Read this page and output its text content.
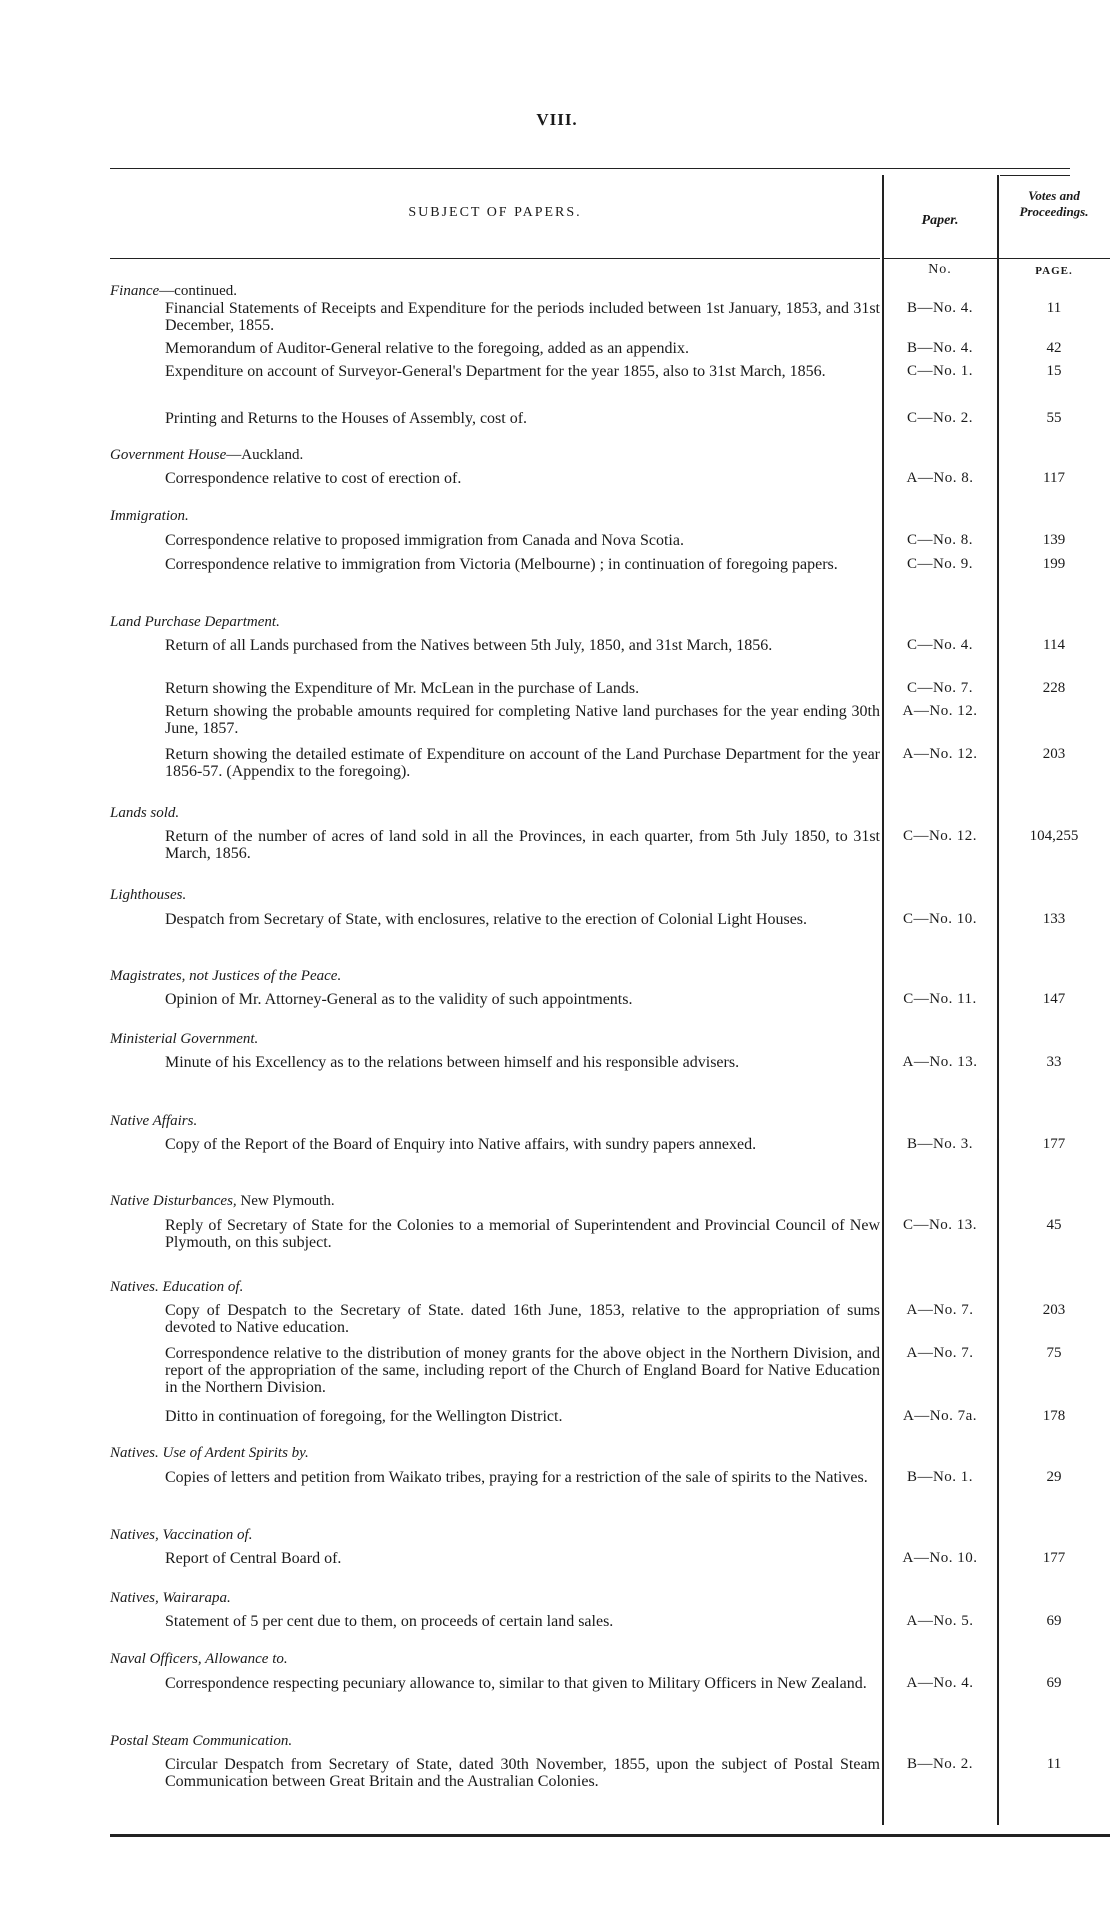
VIII.
SUBJECT OF PAPERS.
Paper.
Votes and Proceedings.
No.	PAGE.
Finance—continued.
Financial Statements of Receipts and Expenditure for the periods included between 1st January, 1853, and 31st December, 1855.
B—No. 4.	11
Memorandum of Auditor-General relative to the foregoing, added as an appendix.	B—No. 4.	42
Expenditure on account of Surveyor-General's Department for the year 1855, also to 31st March, 1856.	C—No. 1.	15
Printing and Returns to the Houses of Assembly, cost of.	C—No. 2.	55
Government House—Auckland.
Correspondence relative to cost of erection of.	A—No. 8.	117
Immigration.
Correspondence relative to proposed immigration from Canada and Nova Scotia.	C—No. 8.	139
Correspondence relative to immigration from Victoria (Melbourne) ; in continuation of foregoing papers.	C—No. 9.	199
Land Purchase Department.
Return of all Lands purchased from the Natives between 5th July, 1850, and 31st March, 1856.	C—No. 4.	114
Return showing the Expenditure of Mr. McLean in the purchase of Lands.	C—No. 7.	228
Return showing the probable amounts required for completing Native land purchases for the year ending 30th June, 1857.
A—No. 12.
Return showing the detailed estimate of Expenditure on account of the Land Purchase Department for the year 1856-57. (Appendix to the foregoing).
A—No. 12.	203
Lands sold.
Return of the number of acres of land sold in all the Provinces, in each quarter, from 5th July 1850, to 31st March, 1856.
C—No. 12.	104,255
Lighthouses.
Despatch from Secretary of State, with enclosures, relative to the erection of Colonial Light Houses.	C—No. 10.	133
Magistrates, not Justices of the Peace.
Opinion of Mr. Attorney-General as to the validity of such appointments.	C—No. 11.	147
Ministerial Government.
Minute of his Excellency as to the relations between himself and his responsible advisers.	A—No. 13.	33
Native Affairs.
Copy of the Report of the Board of Enquiry into Native affairs, with sundry papers annexed.	B—No. 3.	177
Native Disturbances, New Plymouth.
Reply of Secretary of State for the Colonies to a memorial of Superintendent and Provincial Council of New Plymouth, on this subject.
C—No. 13.	45
Natives. Education of.
Copy of Despatch to the Secretary of State. dated 16th June, 1853, relative to the appropriation of sums devoted to Native education.
A—No. 7.	203
Correspondence relative to the distribution of money grants for the above object in the Northern Division, and report of the appropriation of the same, including report of the Church of England Board for Native Education in the Northern Division.
A—No. 7.	75
Ditto in continuation of foregoing, for the Wellington District.	A—No. 7a.	178
Natives. Use of Ardent Spirits by.
Copies of letters and petition from Waikato tribes, praying for a restriction of the sale of spirits to the Natives.	B—No. 1.	29
Natives, Vaccination of.
Report of Central Board of.	A—No. 10.	177
Natives, Wairarapa.
Statement of 5 per cent due to them, on proceeds of certain land sales.	A—No. 5.	69
Naval Officers, Allowance to.
Correspondence respecting pecuniary allowance to, similar to that given to Military Officers in New Zealand.	A—No. 4.	69
Postal Steam Communication.
Circular Despatch from Secretary of State, dated 30th November, 1855, upon the subject of Postal Steam Communication between Great Britain and the Australian Colonies.
B—No. 2.	11
